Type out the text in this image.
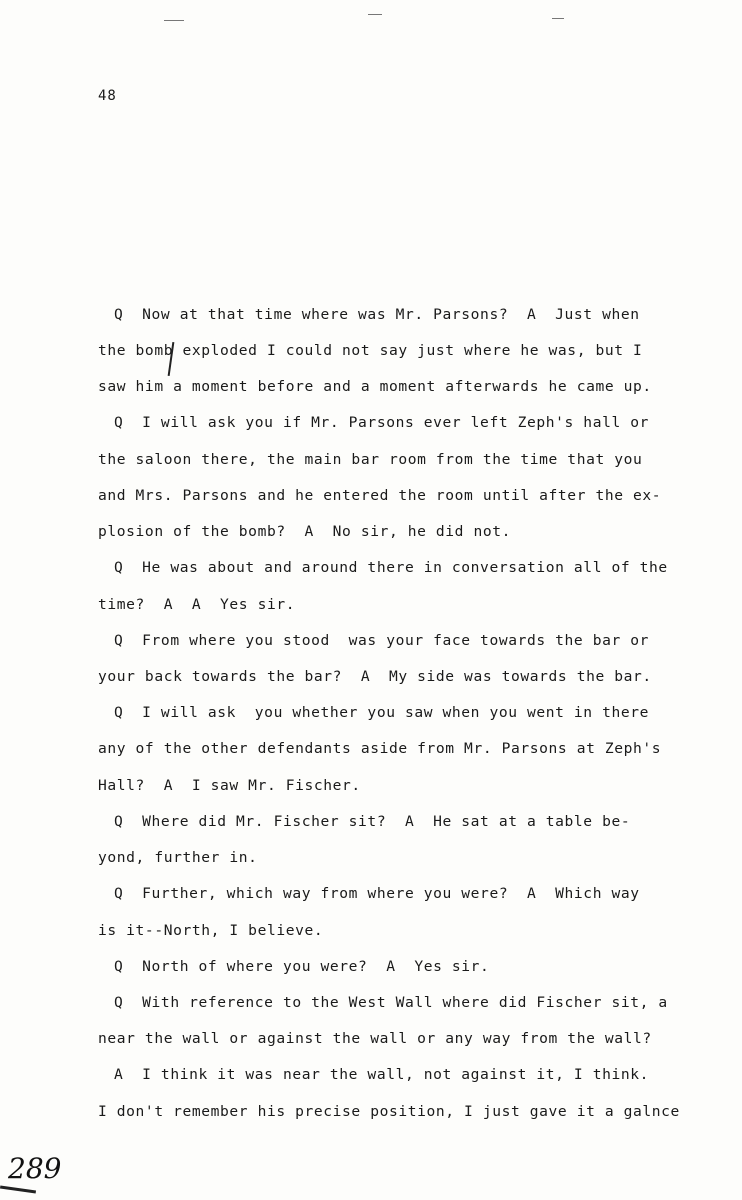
48
Q  Now at that time where was Mr. Parsons?  A  Just when
the bomb exploded I could not say just where he was, but I
saw him a moment before and a moment afterwards he came up.
Q  I will ask you if Mr. Parsons ever left Zeph's hall or
the saloon there, the main bar room from the time that you
and Mrs. Parsons and he entered the room until after the ex-
plosion of the bomb?  A  No sir, he did not.
Q  He was about and around there in conversation all of the
time?  A  A  Yes sir.
Q  From where you stood  was your face towards the bar or
your back towards the bar?  A  My side was towards the bar.
Q  I will ask  you whether you saw when you went in there
any of the other defendants aside from Mr. Parsons at Zeph's
Hall?  A  I saw Mr. Fischer.
Q  Where did Mr. Fischer sit?  A  He sat at a table be-
yond, further in.
Q  Further, which way from where you were?  A  Which way
is it--North, I believe.
Q  North of where you were?  A  Yes sir.
Q  With reference to the West Wall where did Fischer sit, a
near the wall or against the wall or any way from the wall?
A  I think it was near the wall, not against it, I think.
I don't remember his precise position, I just gave it a galnce
289
